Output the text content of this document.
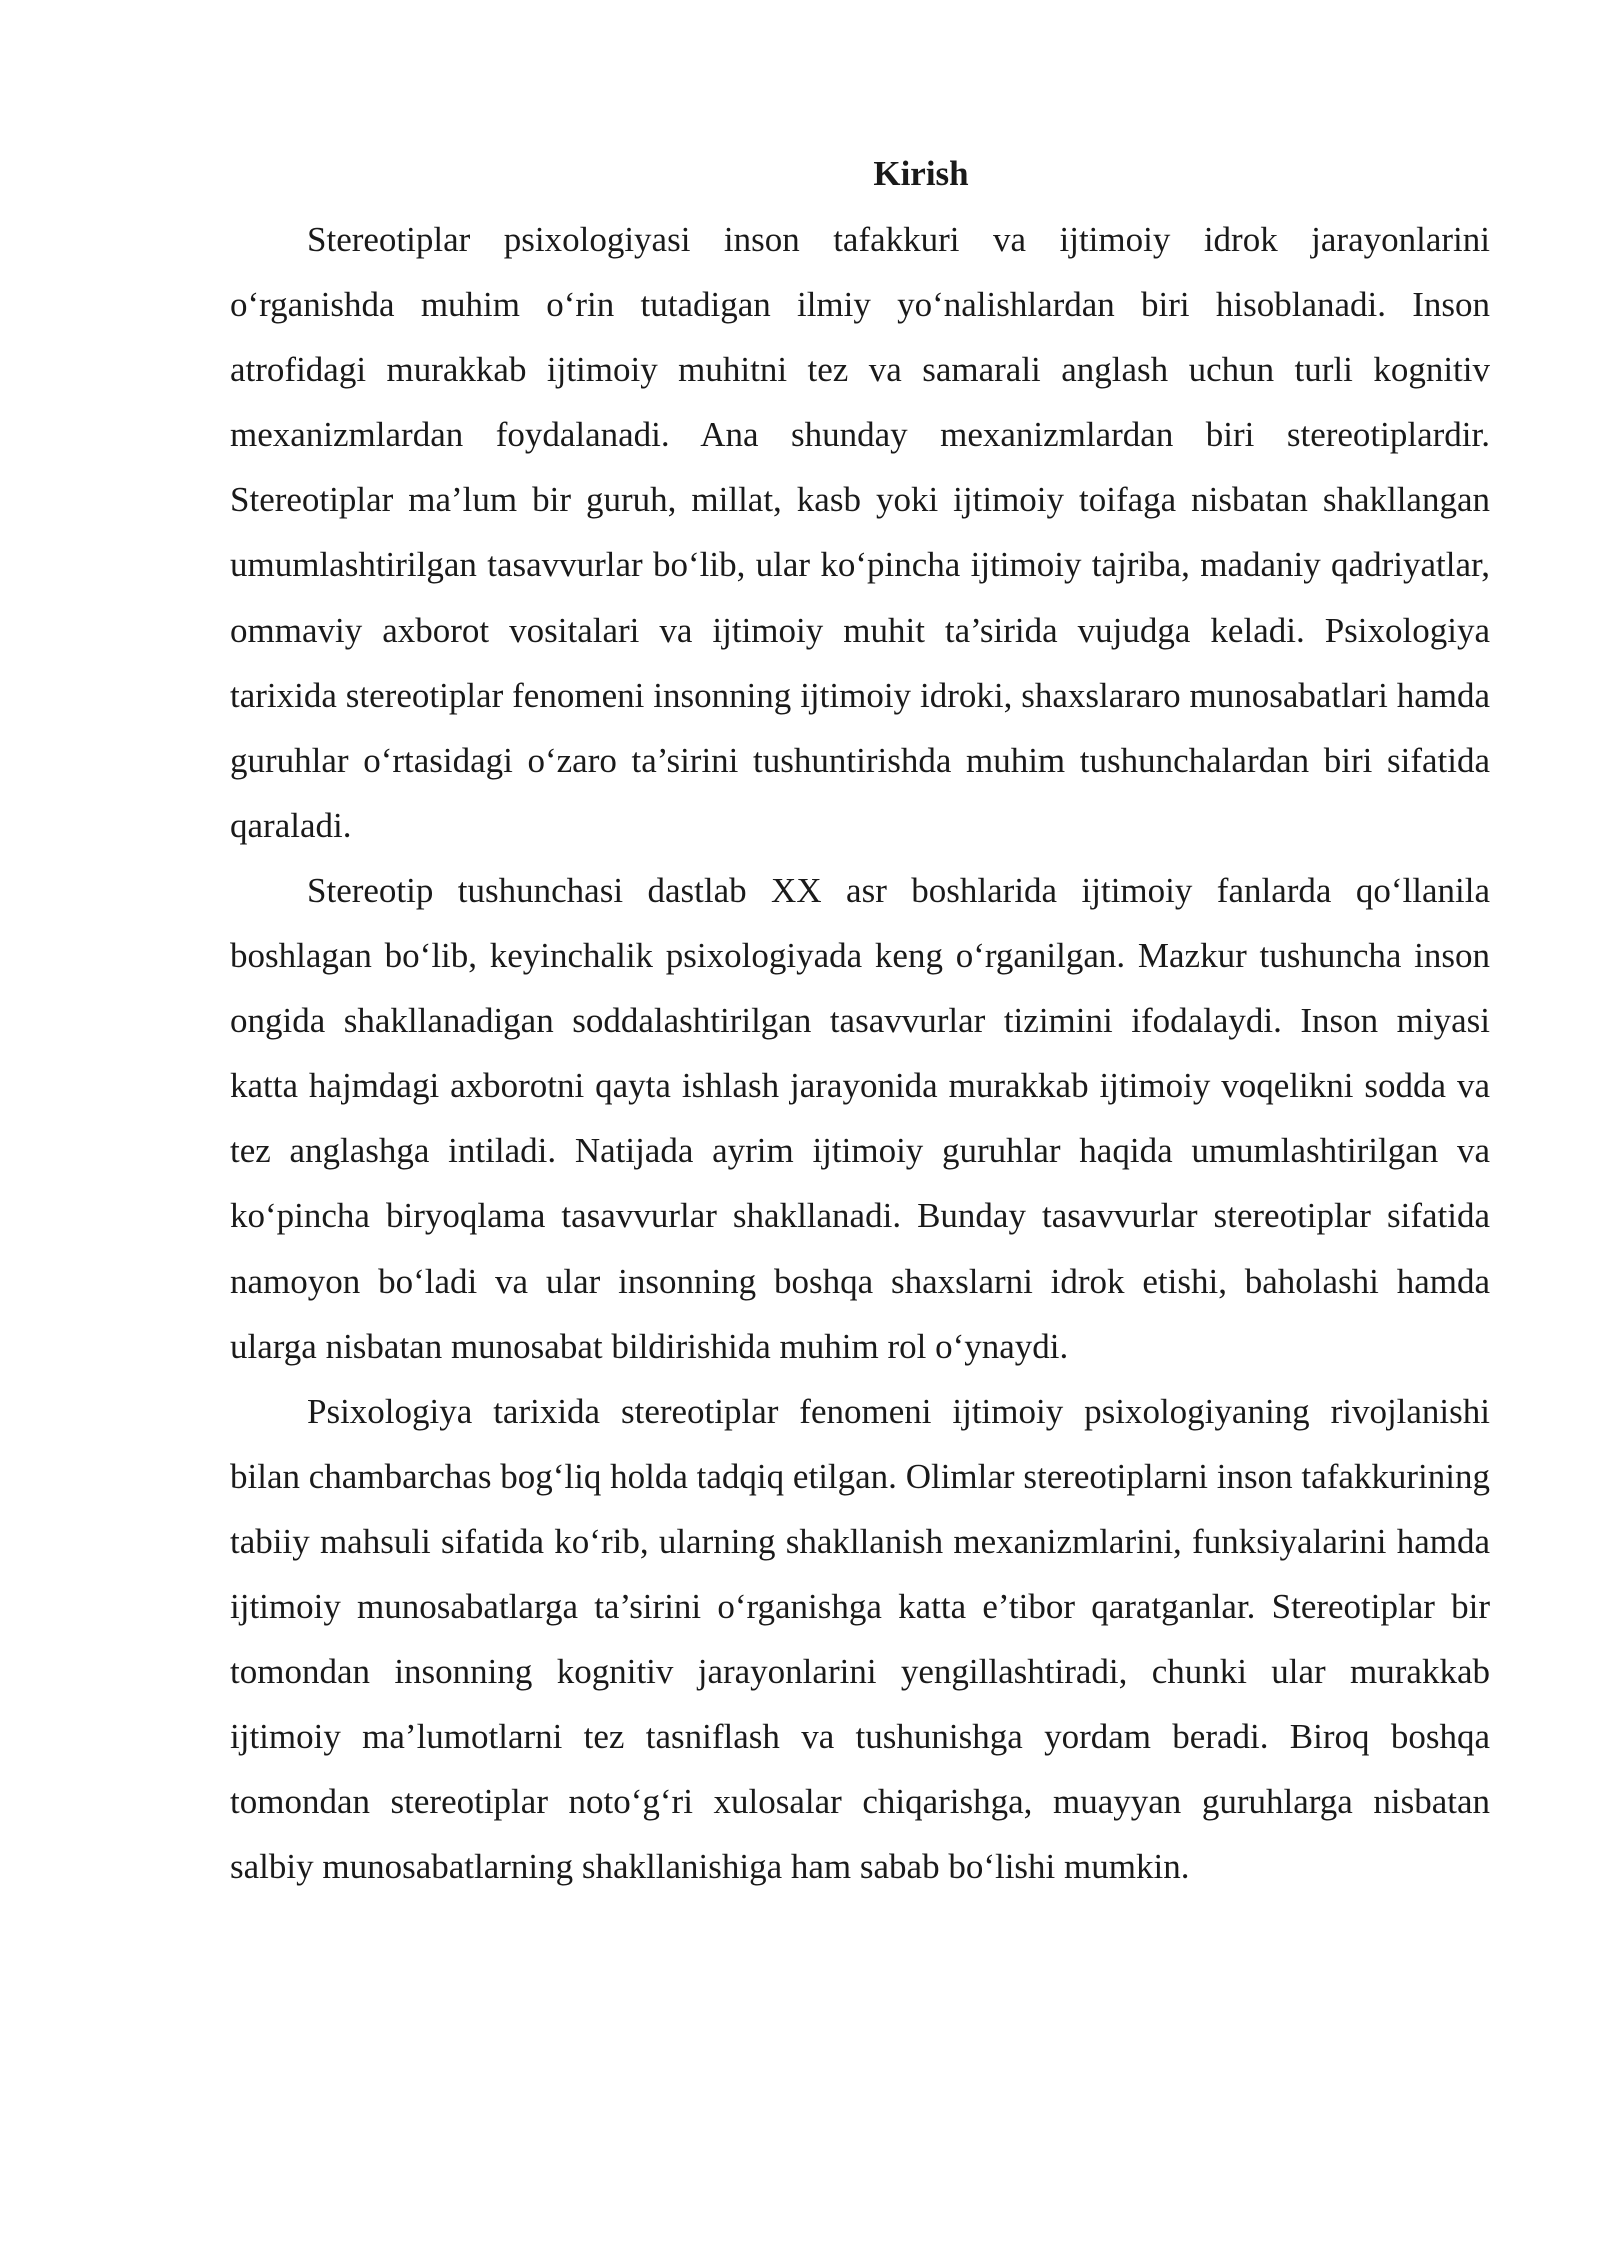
Kirish

Stereotiplar psixologiyasi inson tafakkuri va ijtimoiy idrok jarayonlarini o‘rganishda muhim o‘rin tutadigan ilmiy yo‘nalishlardan biri hisoblanadi. Inson atrofidagi murakkab ijtimoiy muhitni tez va samarali anglash uchun turli kognitiv mexanizmlardan foydalanadi. Ana shunday mexanizmlardan biri stereotiplardir. Stereotiplar ma’lum bir guruh, millat, kasb yoki ijtimoiy toifaga nisbatan shakllangan umumlashtirilgan tasavvurlar bo‘lib, ular ko‘pincha ijtimoiy tajriba, madaniy qadriyatlar, ommaviy axborot vositalari va ijtimoiy muhit ta’sirida vujudga keladi. Psixologiya tarixida stereotiplar fenomeni insonning ijtimoiy idroki, shaxslararo munosabatlari hamda guruhlar o‘rtasidagi o‘zaro ta’sirini tushuntirishda muhim tushunchalardan biri sifatida qaraladi.

Stereotip tushunchasi dastlab XX asr boshlarida ijtimoiy fanlarda qo‘llanila boshlagan bo‘lib, keyinchalik psixologiyada keng o‘rganilgan. Mazkur tushuncha inson ongida shakllanadigan soddalashtirilgan tasavvurlar tizimini ifodalaydi. Inson miyasi katta hajmdagi axborotni qayta ishlash jarayonida murakkab ijtimoiy voqelikni sodda va tez anglashga intiladi. Natijada ayrim ijtimoiy guruhlar haqida umumlashtirilgan va ko‘pincha biryoqlama tasavvurlar shakllanadi. Bunday tasavvurlar stereotiplar sifatida namoyon bo‘ladi va ular insonning boshqa shaxslarni idrok etishi, baholashi hamda ularga nisbatan munosabat bildirishida muhim rol o‘ynaydi.

Psixologiya tarixida stereotiplar fenomeni ijtimoiy psixologiyaning rivojlanishi bilan chambarchas bog‘liq holda tadqiq etilgan. Olimlar stereotiplarni inson tafakkurining tabiiy mahsuli sifatida ko‘rib, ularning shakllanish mexanizmlarini, funksiyalarini hamda ijtimoiy munosabatlarga ta’sirini o‘rganishga katta e’tibor qaratganlar. Stereotiplar bir tomondan insonning kognitiv jarayonlarini yengillashtiradi, chunki ular murakkab ijtimoiy ma’lumotlarni tez tasniflash va tushunishga yordam beradi. Biroq boshqa tomondan stereotiplar noto‘g‘ri xulosalar chiqarishga, muayyan guruhlarga nisbatan salbiy munosabatlarning shakllanishiga ham sabab bo‘lishi mumkin.
